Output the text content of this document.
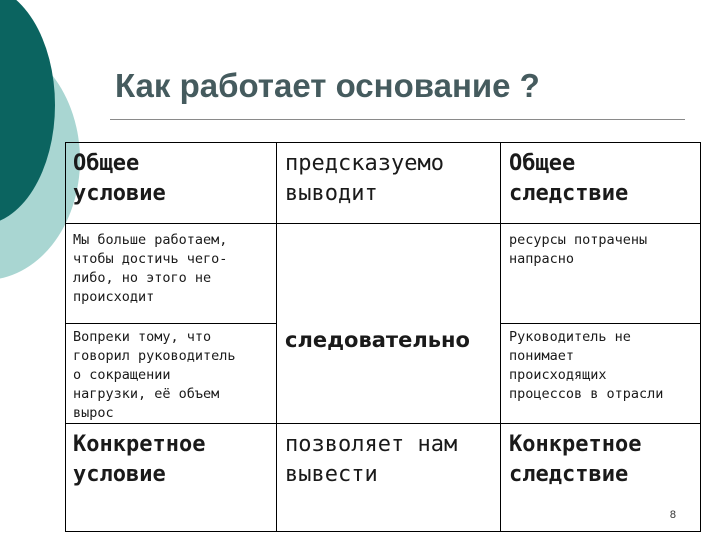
Как работает основание ?
Общее
условие
предсказуемо
выводит
Общее
следствие
Мы больше работаем,
чтобы достичь чего-
либо, но этого не
происходит
ресурсы потрачены
напрасно
следовательно
Вопреки тому, что
говорил руководитель
о сокращении
нагрузки, её объем
вырос
Руководитель не
понимает
происходящих
процессов в отрасли
Конкретное
условие
позволяет нам
вывести
Конкретное
следствие
8
